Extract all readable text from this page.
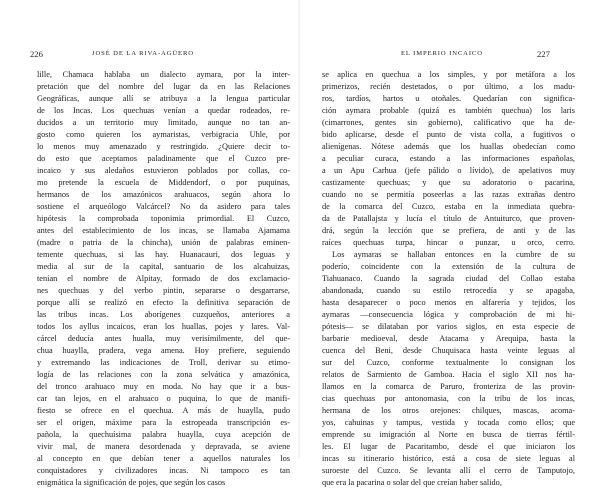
226	JOSÉ DE LA RIVA-AGÜERO
lille, Chamaca hablaba un dialecto aymara, por la inter-
pretación que del nombre del lugar da en las Relaciones
Geográficas, aunque allí se atribuya a la lengua particular
de los Incas. Los quechuas venían a quedar rodeados, re-
ducidos a un territorio muy limitado, aunque no tan an-
gosto como quieren los aymaristas, verbigracia Uhle, por
lo menos muy amenazado y restringido. ¿Quiere decir to-
do esto que aceptamos paladinamente que el Cuzco pre-
incaico y sus aledaños estuvieron poblados por collas, co-
mo pretende la escuela de Middendorf, o por puquinas,
hermanos de los amazónicos arahuacos, según ahora lo
sostiene el arqueólogo Valcárcel? No da asidero para tales
hipótesis la comprobada toponimia primordial. El Cuzco,
antes del establecimiento de los incas, se llamaba Ajamama
(madre o patria de la chincha), unión de palabras eminen-
temente quechuas, si las hay. Huanacauri, dos leguas y
media al sur de la capital, santuario de los alcahuizas,
tenían el nombre de Alpitay, formado de dos exclamacio-
nes quechuas y del verbo pintin, separarse o desgarrarse,
porque allí se realizó en efecto la definitiva separación de
las tribus incas. Los aborígenes cuzqueños, anteriores a
todos los ayllus incaicos, eran los huallas, pojes y lares. Val-
cárcel deducía antes hualla, muy verisímilmente, del que-
chua huaylla, pradera, vega amena. Hoy prefiere, seguiendo
y extremando las indicaciones de Troll, derivar su etimo-
logía de las relaciones con la zona selvática y amazónica,
del tronco arahuaco muy en moda. No hay que ir a bus-
car tan lejos, en el arahuaco o puquina, lo que de manifi-
fiesto se ofrece en el quechua. A más de huaylla, pudo
ser el origen, máxime para la estropeada transcripción es-
pañola, la quechuísima palabra huaylla, cuya acepción de
vivir mal, de manera desordenada y depravada, se aviene
al concepto en que debían tener a aquellos naturales los
conquistadores y civilizadores incas. Ni tampoco es tan
enigmática la significación de pojes, que según los casos
EL IMPERIO INCAICO	227
se aplica en quechua a los simples, y por metáfora a los
primerizos, recién destetados, o por último, a los madu-
ros, tardíos, hartos u otoñales. Quedarían con significa-
ción aymara probable (quizá es también quechua) los laris
(cimarrones, gentes sin gobierno), calificativo que ha de-
bido aplicarse, desde el punto de vista colla, a fugitivos o
alienígenas. Nótese además que los huallas obedecían como
a peculiar curaca, estando a las informaciones españolas,
a un Apu Carhua (jefe pálido o lívido), de apelativos muy
castizamente quechuas; y que su adoratorio o pacarina,
cuando no se permitía poseerlas a las razas extrañas dentro
de la comarca del Cuzco, estaba en la inmediata quebra-
da de Patallajsta y lucía el título de Antuiturco, que proven-
drá, según la lección que se prefiera, de anti y de las
raíces quechuas turpa, hincar o punzar, u orco, cerro.
Los aymaras se hallaban entonces en la cumbre de su
poderío, coincidente con la extensión de la cultura de
Tiahuanaco. Cuando la sagrada ciudad del Collao estaba
abandonada, cuando su estilo retrocedía y se apagaba,
hasta desaparecer o poco menos en alfarería y tejidos, los
aymaras —consecuencia lógica y comprobación de mi hi-
pótesis— se dilataban por varios siglos, en esta especie de
barbarie medioeval, desde Atacama y Arequipa, hasta la
cuenca del Beni, desde Chuquisaca hasta veinte leguas al
sur del Cuzco, conforme textualmente lo consignan los
relatos de Sarmiento de Gamboa. Hacia el siglo XII nos ha-
llamos en la comarca de Paruro, fronteriza de las provin-
cias quechuas por antonomasia, con la tribu de los incas,
hermana de los otros orejones: chilques, mascas, acoma-
yos, cahuinas y tampus, vestida y tocada como ellos; que
emprende su imigración al Norte en busca de tierras fértil-
les. El lugar de Pacaritambo, desde el que iniciaron los
incas su itinerario histórico, está a cosa de siete leguas al
suroeste del Cuzco. Se levanta allí el cerro de Tamputojo,
que era la pacarina o solar del que creían haber salido,
